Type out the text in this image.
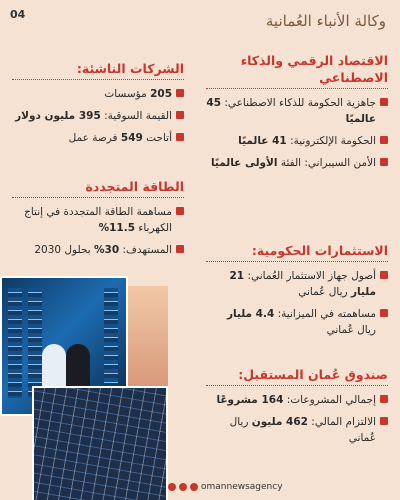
04	وكالة الأنباء العُمانية
الاقتصاد الرقمي والذكاء الاصطناعي
جاهزية الحكومة للذكاء الاصطناعي: 45 عالميًا
الحكومة الإلكترونية: 41 عالميًا
الأمن السيبراني: الفئة الأولى عالميًا
الاستثمارات الحكومية:
أصول جهاز الاستثمار العُماني: 21 مليار ريال عُماني
مساهمته في الميزانية: 4.4 مليار ريال عُماني
صندوق عُمان المستقبل:
إجمالي المشروعات: 164 مشروعًا
الالتزام المالي: 462 مليون ريال عُماني
الشركات الناشئة:
205 مؤسسات
القيمة السوقية: 395 مليون دولار
أتاحت 549 فرصة عمل
الطاقة المتجددة
مساهمة الطاقة المتجددة في إنتاج الكهرباء 11.5%
المستهدف: 30% بحلول 2030
omannewsagency
